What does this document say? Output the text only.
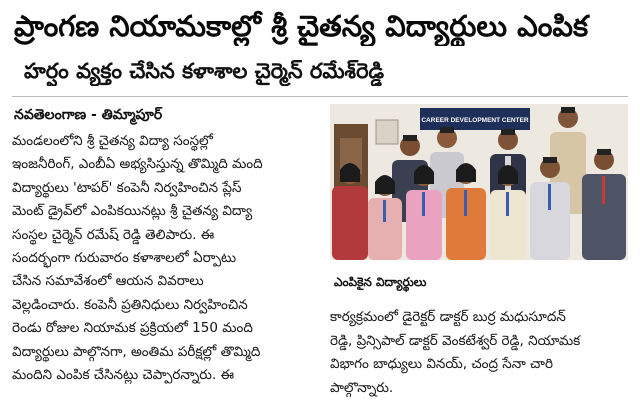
ప్రాంగణ నియామకాల్లో శ్రీ చైతన్య విద్యార్థులు ఎంపిక
హర్షం వ్యక్తం చేసిన కళాశాల చైర్మెన్‌ రమేశ్‌రెడ్డి
నవతెలంగాణ - తిమ్మాపూర్‌
మండలంలోని శ్రీ చైతన్య విద్యా సంస్థల్లో
ఇంజనీరింగ్‌, ఎంబీఏ అభ్యసిస్తున్న తొమ్మిది మంది
విద్యార్థులు 'టాపర్‌' కంపెనీ నిర్వహించిన ప్లేస్‌
మెంట్‌ డ్రైవ్‌లో ఎంపికయినట్లు శ్రీ చైతన్య విద్యా
సంస్థల చైర్మెన్‌ రమేష్‌ రెడ్డి తెలిపారు. ఈ
సందర్భంగా గురువారం కళాశాలలో ఏర్పాటు
చేసిన సమావేశంలో ఆయన వివరాలు
వెల్లడించారు. కంపెనీ ప్రతినిధులు నిర్వహించిన
రెండు రోజుల నియామక ప్రక్రియలో 150 మంది
విద్యార్థులు పాల్గొనగా, అంతిమ పరీక్షల్లో తొమ్మిది
మందిని ఎంపిక చేసినట్లు చెప్పారన్నారు. ఈ
CAREER DEVELOPMENT CENTER
ఎంపికైన విద్యార్థులు
కార్యక్రమంలో డైరెక్టర్‌ డాక్టర్‌ బుర్ర మధుసూదన్‌
రెడ్డి, ప్రిన్సిపాల్‌ డాక్టర్‌ వెంకటేశ్వర్‌ రెడ్డి, నియామక
విభాగం బాధ్యులు వినయ్‌, చంద్ర సేనా చారి
పాల్గొన్నారు.
